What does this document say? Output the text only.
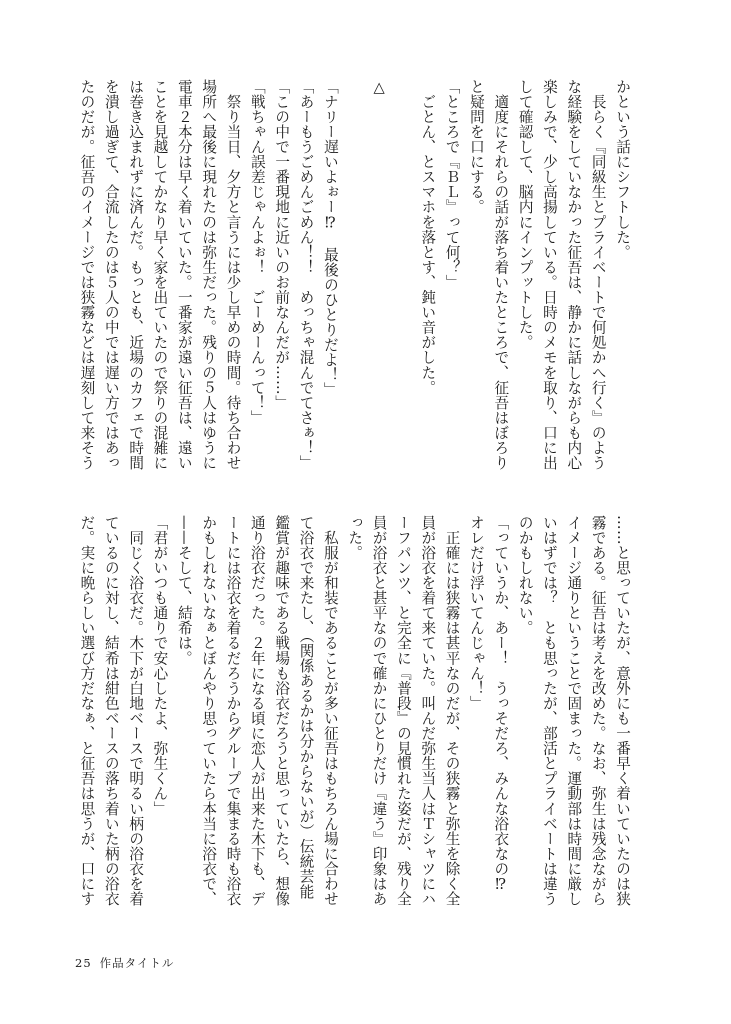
かという話にシフトした。
　長らく『同級生とプライベートで何処かへ行く』のよう
な経験をしていなかった征吾は、静かに話しながらも内心
楽しみで、少し高揚している。日時のメモを取り、口に出
して確認して、脳内にインプットした。
　適度にそれらの話が落ち着いたところで、征吾はぼろり
と疑問を口にする。
「ところで『ＢＬ』って何？」
　ごとん、とスマホを落とす、鈍い音がした。

△

「ナリー遅いよぉー⁉　最後のひとりだよ！」
「あーもうごめんごめん！！　めっちゃ混んでてさぁ！」
「この中で一番現地に近いのお前なんだが……」
「戦ちゃん誤差じゃんよぉ！　ごーめーんって！」
　祭り当日、夕方と言うには少し早めの時間。待ち合わせ
場所へ最後に現れたのは弥生だった。残りの５人はゆうに
電車２本分は早く着いていた。一番家が遠い征吾は、遠い
ことを見越してかなり早く家を出ていたので祭りの混雑に
は巻き込まれずに済んだ。もっとも、近場のカフェで時間
を潰し過ぎて、合流したのは５人の中では遅い方ではあっ
たのだが。征吾のイメージでは狭霧などは遅刻して来そう
……と思っていたが、意外にも一番早く着いていたのは狭
霧である。征吾は考えを改めた。なお、弥生は残念ながら
イメージ通りということで固まった。運動部は時間に厳し
いはずでは？　とも思ったが、部活とプライベートは違う
のかもしれない。
「っていうか、あー！　うっそだろ、みんな浴衣なの⁉
オレだけ浮いてんじゃん！」
　正確には狭霧は甚平なのだが、その狭霧と弥生を除く全
員が浴衣を着て来ていた。叫んだ弥生当人はＴシャツにハ
ーフパンツ、と完全に『普段』の見慣れた姿だが、残り全
員が浴衣と甚平なので確かにひとりだけ『違う』印象はあ
った。
　私服が和装であることが多い征吾はもちろん場に合わせ
て浴衣で来たし、（関係あるかは分からないが）伝統芸能
鑑賞が趣味である戦場も浴衣だろうと思っていたら、想像
通り浴衣だった。２年になる頃に恋人が出来た木下も、デ
ートには浴衣を着るだろうからグループで集まる時も浴衣
かもしれないなぁとぼんやり思っていたら本当に浴衣で、
——そして、結希は。
「君がいつも通りで安心したよ、弥生くん」
　同じく浴衣だ。木下が白地ベースで明るい柄の浴衣を着
ているのに対し、結希は紺色ベースの落ち着いた柄の浴衣
だ。実に晩らしい選び方だなぁ、と征吾は思うが、口にす
25 作品タイトル
